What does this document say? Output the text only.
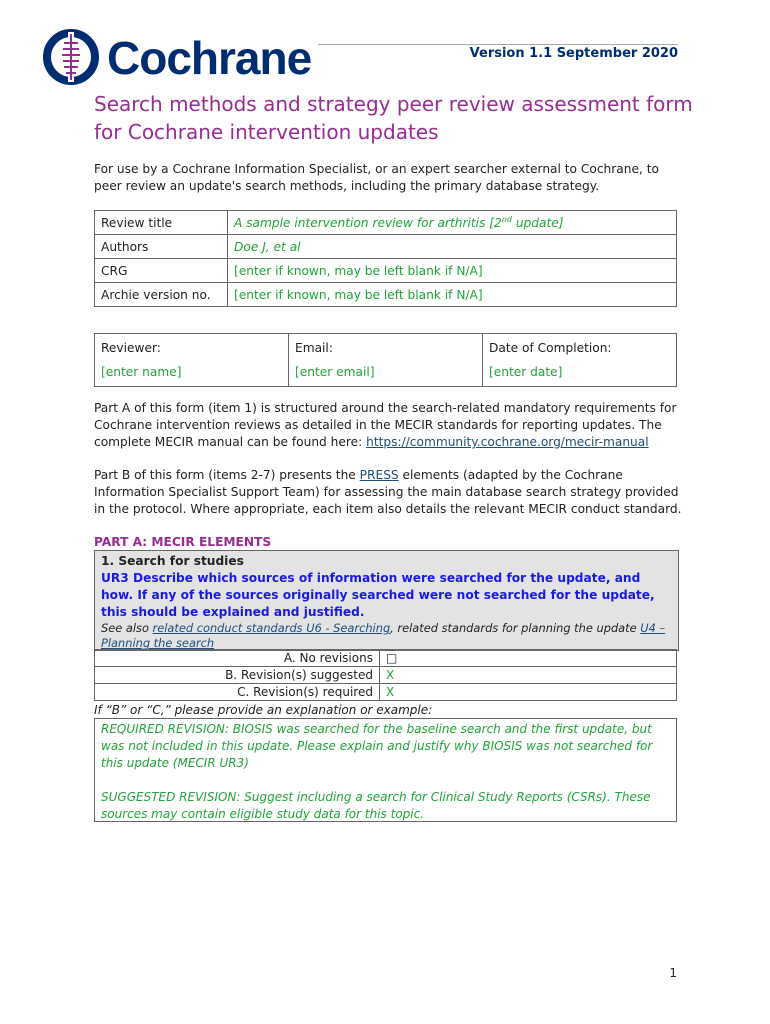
Cochrane	Version 1.1 September 2020
Search methods and strategy peer review assessment form for Cochrane intervention updates
For use by a Cochrane Information Specialist, or an expert searcher external to Cochrane, to peer review an update's search methods, including the primary database strategy.
Review title	A sample intervention review for arthritis [2nd update]
Authors	Doe J, et al
CRG	[enter if known, may be left blank if N/A]
Archie version no.	[enter if known, may be left blank if N/A]
Reviewer:
[enter name]

Email:
[enter email]

Date of Completion:
[enter date]
Part A of this form (item 1) is structured around the search-related mandatory requirements for Cochrane intervention reviews as detailed in the MECIR standards for reporting updates. The complete MECIR manual can be found here: https://community.cochrane.org/mecir-manual
Part B of this form (items 2-7) presents the PRESS elements (adapted by the Cochrane Information Specialist Support Team) for assessing the main database search strategy provided in the protocol. Where appropriate, each item also details the relevant MECIR conduct standard.
PART A: MECIR ELEMENTS
1. Search for studies
UR3 Describe which sources of information were searched for the update, and how. If any of the sources originally searched were not searched for the update, this should be explained and justified.
See also related conduct standards U6 - Searching, related standards for planning the update U4 – Planning the search
A. No revisions	□
B. Revision(s) suggested	X
C. Revision(s) required	X
If “B” or “C,” please provide an explanation or example:
REQUIRED REVISION: BIOSIS was searched for the baseline search and the first update, but was not included in this update. Please explain and justify why BIOSIS was not searched for this update (MECIR UR3)
SUGGESTED REVISION: Suggest including a search for Clinical Study Reports (CSRs). These sources may contain eligible study data for this topic.
1
